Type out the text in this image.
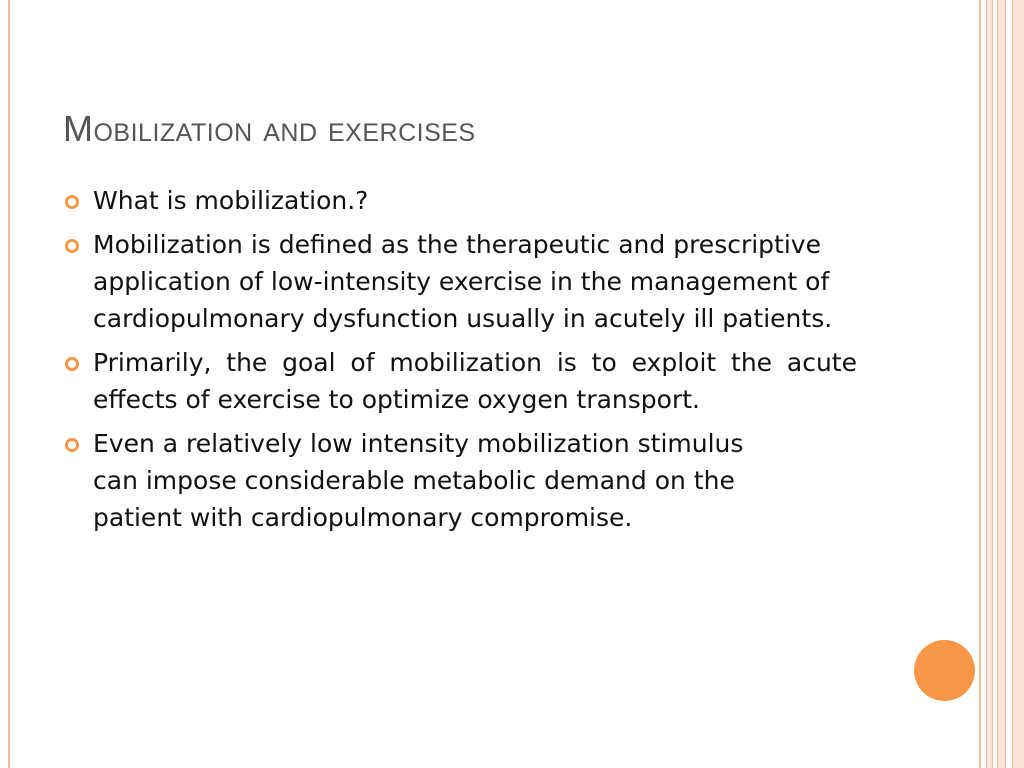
Mobilization and exercises
What is mobilization.?
Mobilization is defined as the therapeutic and prescriptive application of low-intensity exercise in the management of cardiopulmonary dysfunction usually in acutely ill patients.
Primarily, the goal of mobilization is to exploit the acute effects of exercise to optimize oxygen transport.
Even a relatively low intensity mobilization stimulus can impose considerable metabolic demand on the patient with cardiopulmonary compromise.
